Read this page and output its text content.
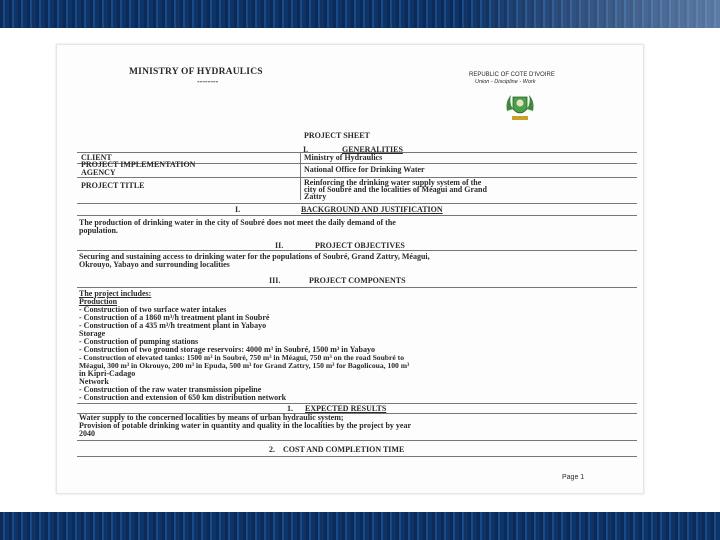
MINISTRY OF HYDRAULICS
--------
REPUBLIC OF COTE D'IVOIRE
Union - Discipline - Work
PROJECT SHEET
I.	GENERALITIES
CLIENT	Ministry of Hydraulics
PROJECT IMPLEMENTATION
AGENCY	National Office for Drinking Water
PROJECT TITLE	Reinforcing the drinking water supply system of the
city of Soubré and the localities of Méagui and Grand
Zattry
I.	BACKGROUND AND JUSTIFICATION
The production of drinking water in the city of Soubré does not meet the daily demand of the
population.
II.	PROJECT OBJECTIVES
Securing and sustaining access to drinking water for the populations of Soubré, Grand Zattry, Méagui,
Okrouyo, Yabayo and surrounding localities
III.	PROJECT COMPONENTS
The project includes:
Production
- Construction of two surface water intakes
- Construction of a 1860 m³/h treatment plant in Soubré
- Construction of a 435 m³/h treatment plant in Yabayo
Storage
- Construction of pumping stations
- Construction of two ground storage reservoirs: 4000 m³ in Soubré, 1500 m³ in Yabayo
- Construction of elevated tanks: 1500 m³ in Soubré, 750 m³ in Méagui, 750 m³ on the road Soubré to
Méagui, 300 m³ in Okrouyo, 200 m³ in Epuda, 500 m³ for Grand Zattry, 150 m³ for Bagolicoua, 100 m³
in Kipri-Cadago
Network
- Construction of the raw water transmission pipeline
- Construction and extension of 650 km distribution network
1. EXPECTED RESULTS
Water supply to the concerned localities by means of urban hydraulic system;
Provision of potable drinking water in quantity and quality in the localities by the project by year
2040
2. COST AND COMPLETION TIME
Page 1
